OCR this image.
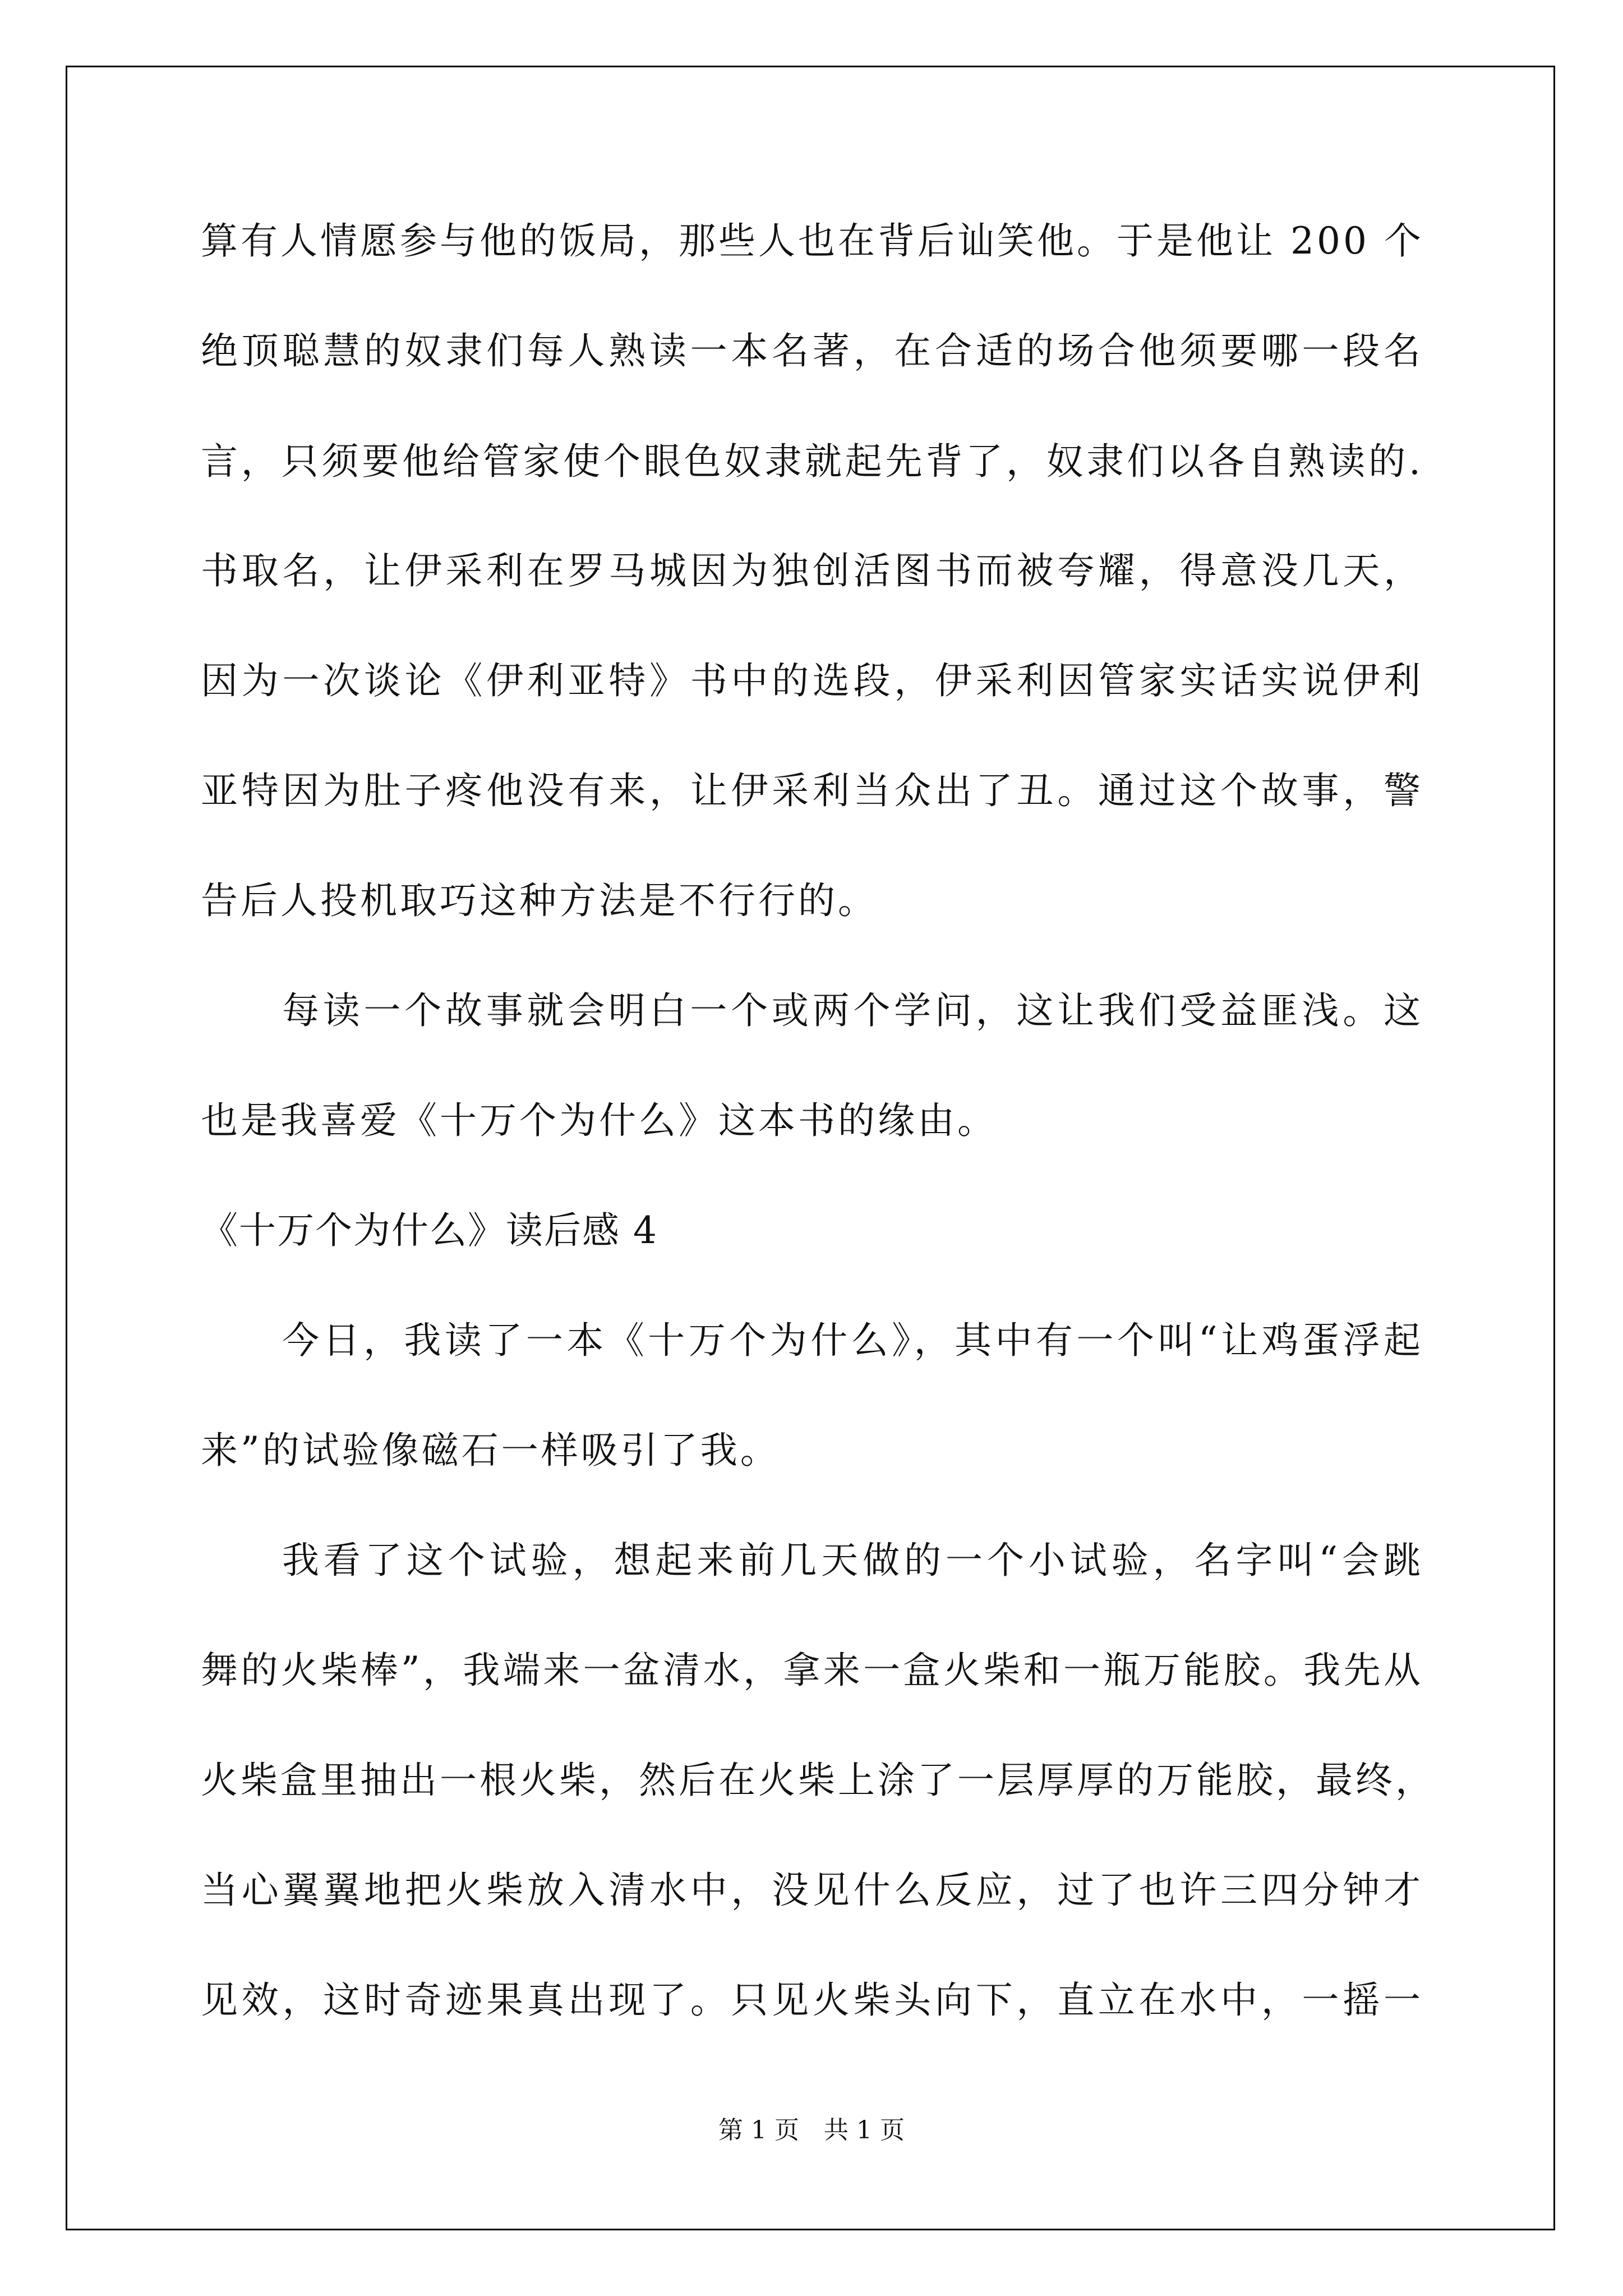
算有人情愿参与他的饭局，那些人也在背后讪笑他。于是他让 200 个
绝顶聪慧的奴隶们每人熟读一本名著，在合适的场合他须要哪一段名
言，只须要他给管家使个眼色奴隶就起先背了，奴隶们以各自熟读的.
书取名，让伊采利在罗马城因为独创活图书而被夸耀，得意没几天，
因为一次谈论《伊利亚特》书中的选段，伊采利因管家实话实说伊利
亚特因为肚子疼他没有来，让伊采利当众出了丑。通过这个故事，警
告后人投机取巧这种方法是不行行的。
每读一个故事就会明白一个或两个学问，这让我们受益匪浅。这
也是我喜爱《十万个为什么》这本书的缘由。
《十万个为什么》读后感 4
今日，我读了一本《十万个为什么》，其中有一个叫“让鸡蛋浮起
来”的试验像磁石一样吸引了我。
我看了这个试验，想起来前几天做的一个小试验，名字叫“会跳
舞的火柴棒”，我端来一盆清水，拿来一盒火柴和一瓶万能胶。我先从
火柴盒里抽出一根火柴，然后在火柴上涂了一层厚厚的万能胶，最终，
当心翼翼地把火柴放入清水中，没见什么反应，过了也许三四分钟才
见效，这时奇迹果真出现了。只见火柴头向下，直立在水中，一摇一
第 1 页　共 1 页
